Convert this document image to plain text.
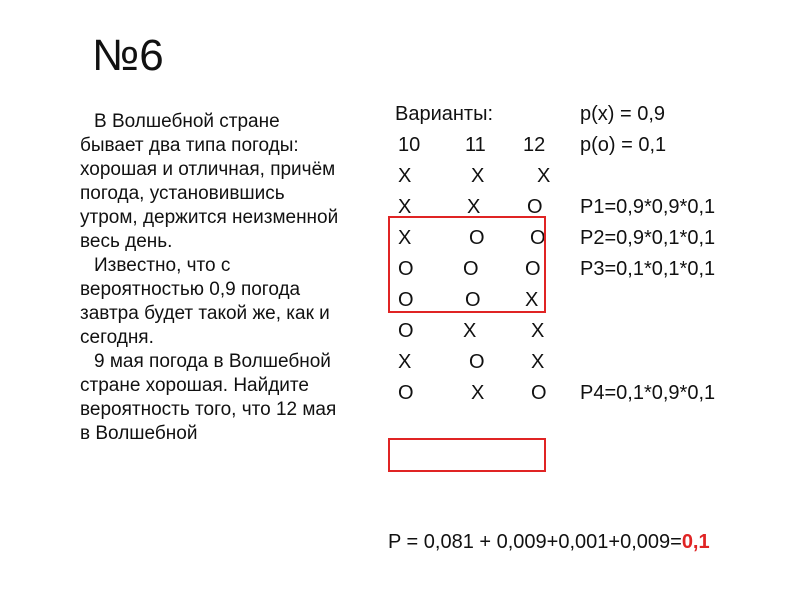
№6
В Волшебной стране бывает два типа погоды: хорошая и отличная, причём погода, установившись утром, держится неизменной весь день.
Известно, что с вероятностью 0,9 погода завтра будет такой же, как и сегодня.
9 мая погода в Волшебной стране хорошая. Найдите вероятность того, что 12 мая в Волшебной
Варианты:	p(x) = 0,9
10 11 12 p(o) = 0,1
X	X	X
X	X O P1=0,9*0,9*0,1
X	O O P2=0,9*0,1*0,1
O O O P3=0,1*0,1*0,1
O	O X
O X	X
X	O X
O	X O P4=0,1*0,9*0,1
P = 0,081 + 0,009+0,001+0,009=0,1
